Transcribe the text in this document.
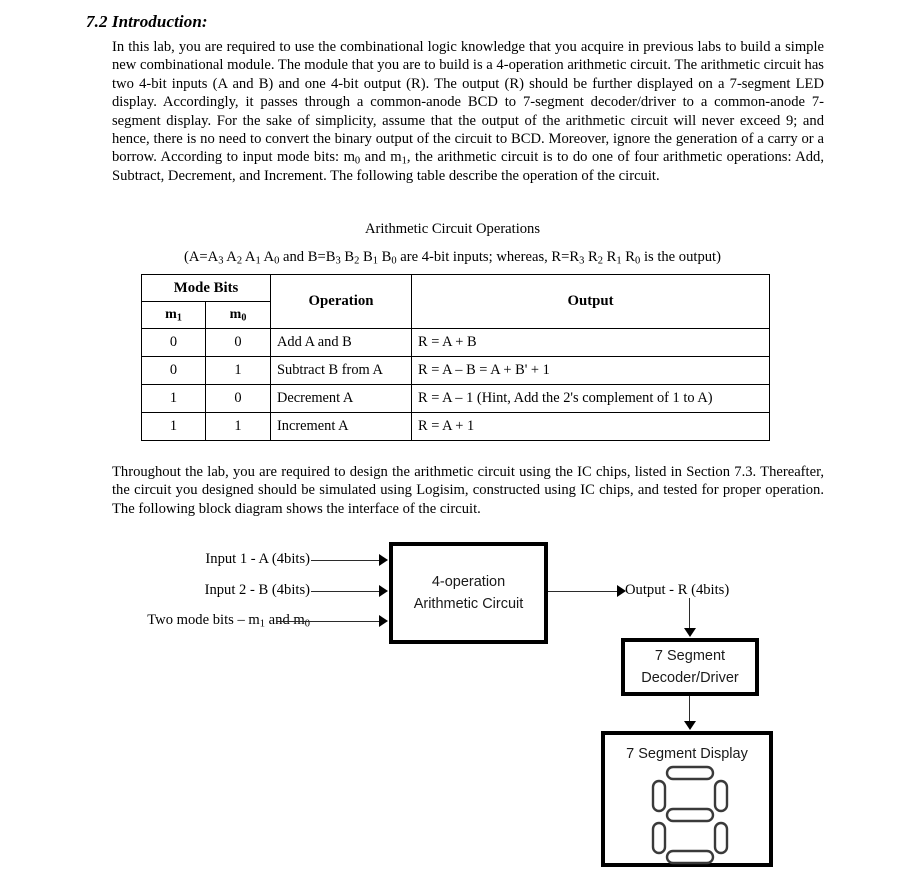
7.2 Introduction:
In this lab, you are required to use the combinational logic knowledge that you acquire in previous labs to build a simple new combinational module. The module that you are to build is a 4-operation arithmetic circuit. The arithmetic circuit has two 4-bit inputs (A and B) and one 4-bit output (R). The output (R) should be further displayed on a 7-segment LED display. Accordingly, it passes through a common-anode BCD to 7-segment decoder/driver to a common-anode 7-segment display. For the sake of simplicity, assume that the output of the arithmetic circuit will never exceed 9; and hence, there is no need to convert the binary output of the circuit to BCD. Moreover, ignore the generation of a carry or a borrow. According to input mode bits: $m_0$ and $m_1$, the arithmetic circuit is to do one of four arithmetic operations: Add, Subtract, Decrement, and Increment. The following table describe the operation of the circuit.
Arithmetic Circuit Operations
($A=A_3$ $A_2$ $A_1$ $A_0$ and $B=B_3$ $B_2$ $B_1$ $B_0$ are 4-bit inputs; whereas, $R=R_3$ $R_2$ $R_1$ $R_0$ is the output)
Mode Bits		Operation	Output
$m_1$	$m_0$
0	0	Add A and B	R = A + B
0	1	Subtract B from A	R = A – B = A + B' + 1
1	0	Decrement A	R = A – 1 (Hint, Add the 2's complement of 1 to A)
1	1	Increment A	R = A + 1
Throughout the lab, you are required to design the arithmetic circuit using the IC chips, listed in Section 7.3. Thereafter, the circuit you designed should be simulated using Logisim, constructed using IC chips, and tested for proper operation. The following block diagram shows the interface of the circuit.
Input 1 - A (4bits)
Input 2 - B (4bits)
Two mode bits – $m_1$ and $m_0$
4-operation
Arithmetic Circuit
Output - R (4bits)
7 Segment
Decoder/Driver
7 Segment Display
